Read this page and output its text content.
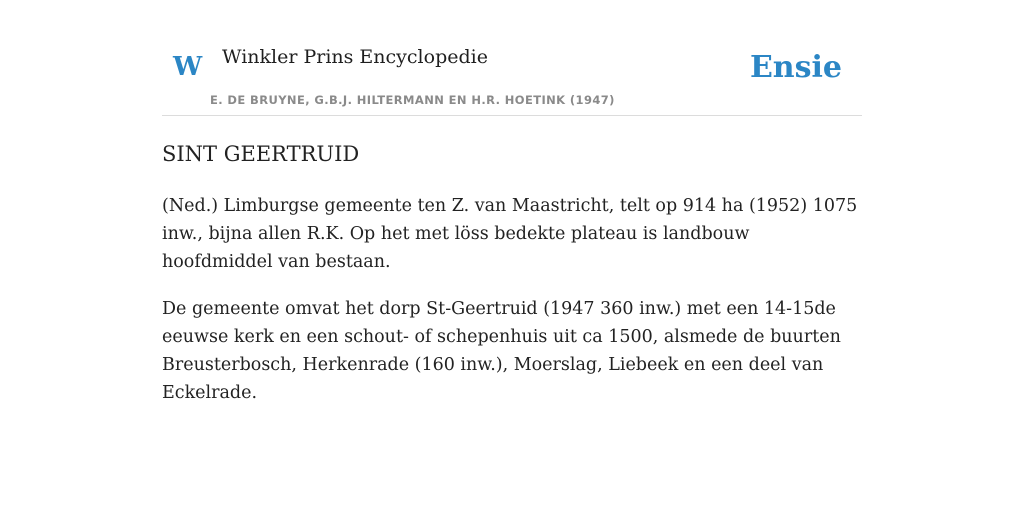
W Winkler Prins Encyclopedie
E. DE BRUYNE, G.B.J. HILTERMANN EN H.R. HOETINK (1947)
Ensie
SINT GEERTRUID

(Ned.) Limburgse gemeente ten Z. van Maastricht, telt op 914 ha (1952) 1075 inw., bijna allen R.K. Op het met löss bedekte plateau is landbouw hoofdmiddel van bestaan.

De gemeente omvat het dorp St-Geertruid (1947 360 inw.) met een 14-15de eeuwse kerk en een schout- of schepenhuis uit ca 1500, alsmede de buurten Breusterbosch, Herkenrade (160 inw.), Moerslag, Liebeek en een deel van Eckelrade.
